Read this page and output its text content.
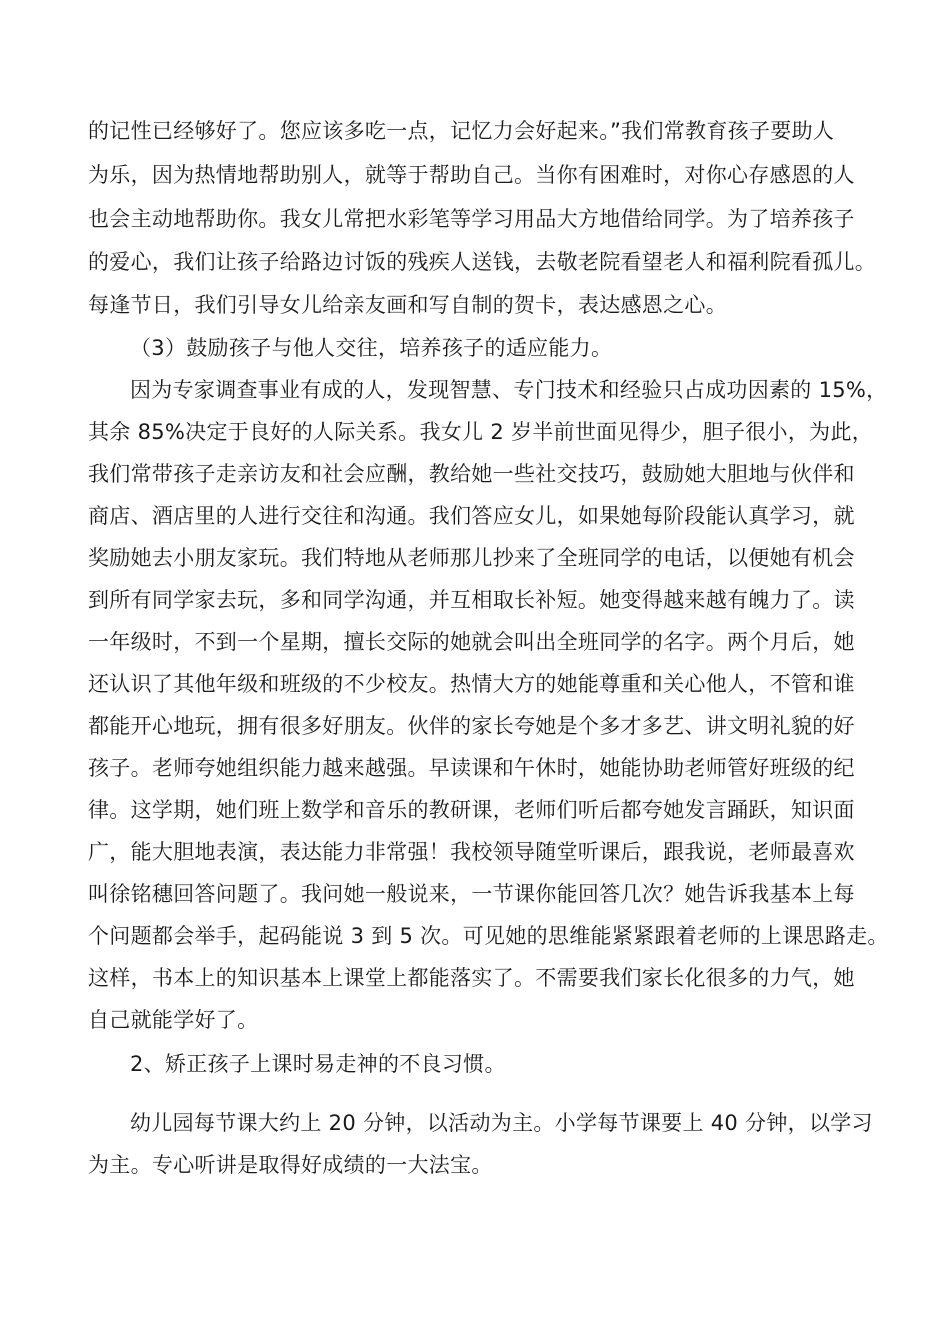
的记性已经够好了。您应该多吃一点，记忆力会好起来。”我们常教育孩子要助人
为乐，因为热情地帮助别人，就等于帮助自己。当你有困难时，对你心存感恩的人
也会主动地帮助你。我女儿常把水彩笔等学习用品大方地借给同学。为了培养孩子
的爱心，我们让孩子给路边讨饭的残疾人送钱，去敬老院看望老人和福利院看孤儿。
每逢节日，我们引导女儿给亲友画和写自制的贺卡，表达感恩之心。
（3）鼓励孩子与他人交往，培养孩子的适应能力。
因为专家调查事业有成的人，发现智慧、专门技术和经验只占成功因素的 15%，
其余 85%决定于良好的人际关系。我女儿 2 岁半前世面见得少，胆子很小，为此，
我们常带孩子走亲访友和社会应酬，教给她一些社交技巧，鼓励她大胆地与伙伴和
商店、酒店里的人进行交往和沟通。我们答应女儿，如果她每阶段能认真学习，就
奖励她去小朋友家玩。我们特地从老师那儿抄来了全班同学的电话，以便她有机会
到所有同学家去玩，多和同学沟通，并互相取长补短。她变得越来越有魄力了。读
一年级时，不到一个星期，擅长交际的她就会叫出全班同学的名字。两个月后，她
还认识了其他年级和班级的不少校友。热情大方的她能尊重和关心他人，不管和谁
都能开心地玩，拥有很多好朋友。伙伴的家长夸她是个多才多艺、讲文明礼貌的好
孩子。老师夸她组织能力越来越强。早读课和午休时，她能协助老师管好班级的纪
律。这学期，她们班上数学和音乐的教研课，老师们听后都夸她发言踊跃，知识面
广，能大胆地表演，表达能力非常强！我校领导随堂听课后，跟我说，老师最喜欢
叫徐铭穗回答问题了。我问她一般说来，一节课你能回答几次？她告诉我基本上每
个问题都会举手，起码能说 3 到 5 次。可见她的思维能紧紧跟着老师的上课思路走。
这样，书本上的知识基本上课堂上都能落实了。不需要我们家长化很多的力气，她
自己就能学好了。
2、矫正孩子上课时易走神的不良习惯。
幼儿园每节课大约上 20 分钟，以活动为主。小学每节课要上 40 分钟，以学习
为主。专心听讲是取得好成绩的一大法宝。
